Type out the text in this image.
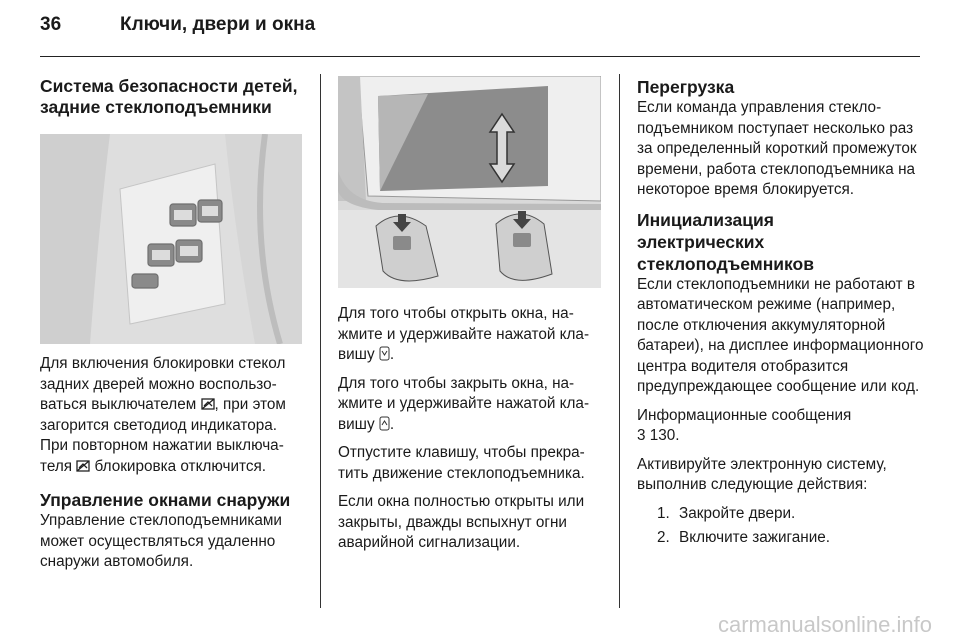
36	Ключи, двери и окна
Система безопасности детей,
задние стеклоподъемники

Для включения блокировки стекол задних дверей можно воспользоваться выключателем , при этом загорится светодиод индикатора. При повторном нажатии выключателя  блокировка отключится.

Управление окнами снаружи

Управление стеклоподъемниками может осуществляться удаленно снаружи автомобиля.

Для того чтобы открыть окна, нажмите и удерживайте нажатой клавишу .

Для того чтобы закрыть окна, нажмите и удерживайте нажатой клавишу .

Отпустите клавишу, чтобы прекратить движение стеклоподъемника.

Если окна полностью открыты или закрыты, дважды вспыхнут огни аварийной сигнализации.

Перегрузка

Если команда управления стеклоподъемником поступает несколько раз за определенный короткий промежуток времени, работа стеклоподъемника на некоторое время блокируется.

Инициализация
электрических
стеклоподъемников

Если стеклоподъемники не работают в автоматическом режиме (например, после отключения аккумуляторной батареи), на дисплее информационного центра водителя отобразится предупреждающее сообщение или код.

Информационные сообщения
3 130.

Активируйте электронную систему, выполнив следующие действия:

1. Закройте двери.
2. Включите зажигание.
carmanualsonline.info
